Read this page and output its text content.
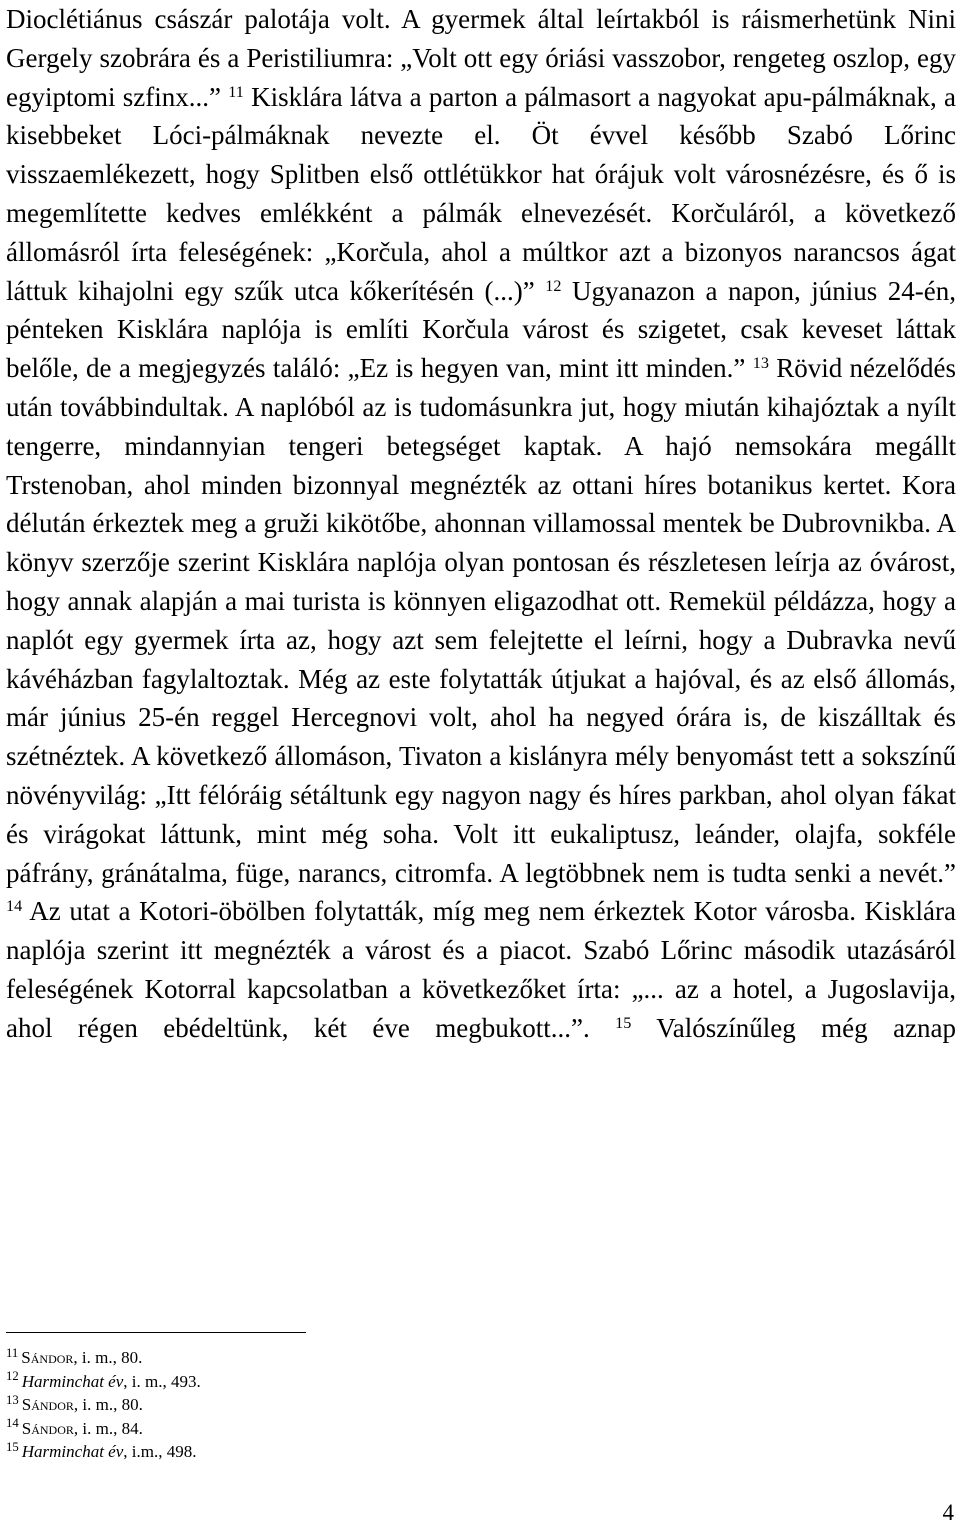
Dioclétiánus császár palotája volt. A gyermek által leírtakból is ráismerhetünk Nini Gergely szobrára és a Peristiliumra: „Volt ott egy óriási vasszobor, rengeteg oszlop, egy egyiptomi szfinx...” $^{11}$ Kisklára látva a parton a pálmasort a nagyokat apu-pálmáknak, a kisebbeket Lóci-pálmáknak nevezte el. Öt évvel később Szabó Lőrinc visszaemlékezett, hogy Splitben első ottlétükkor hat órájuk volt városnézésre, és ő is megemlítette kedves emlékként a pálmák elnevezését. Korčuláról, a következő állomásról írta feleségének: „Korčula, ahol a múltkor azt a bizonyos narancsos ágat láttuk kihajolni egy szűk utca kőkerítésén (...)” $^{12}$ Ugyanazon a napon, június 24-én, pénteken Kisklára naplója is említi Korčula várost és szigetet, csak keveset láttak belőle, de a megjegyzés találó: „Ez is hegyen van, mint itt minden.” $^{13}$ Rövid nézelődés után továbbindultak. A naplóból az is tudomásunkra jut, hogy miután kihajóztak a nyílt tengerre, mindannyian tengeri betegséget kaptak. A hajó nemsokára megállt Trstenoban, ahol minden bizonnyal megnézték az ottani híres botanikus kertet. Kora délután érkeztek meg a gruži kikötőbe, ahonnan villamossal mentek be Dubrovnikba. A könyv szerzője szerint Kisklára naplója olyan pontosan és részletesen leírja az óvárost, hogy annak alapján a mai turista is könnyen eligazodhat ott. Remekül példázza, hogy a naplót egy gyermek írta az, hogy azt sem felejtette el leírni, hogy a Dubravka nevű kávéházban fagylaltoztak. Még az este folytatták útjukat a hajóval, és az első állomás, már június 25-én reggel Hercegnovi volt, ahol ha negyed órára is, de kiszálltak és szétnéztek. A következő állomáson, Tivaton a kislányra mély benyomást tett a sokszínű növényvilág: „Itt félóráig sétáltunk egy nagyon nagy és híres parkban, ahol olyan fákat és virágokat láttunk, mint még soha. Volt itt eukaliptusz, leánder, olajfa, sokféle páfrány, gránátalma, füge, narancs, citromfa. A legtöbbnek nem is tudta senki a nevét.” $^{14}$ Az utat a Kotori-öbölben folytatták, míg meg nem érkeztek Kotor városba. Kisklára naplója szerint itt megnézték a várost és a piacot. Szabó Lőrinc második utazásáról feleségének Kotorral kapcsolatban a következőket írta: „... az a hotel, a Jugoslavija, ahol régen ebédeltünk, két éve megbukott...”. $^{15}$ Valószínűleg még aznap

$^{11}$ Sándor, i. m., 80.

$^{12}$ Harminchat év, i. m., 493.

$^{13}$ Sándor, i. m., 80.

$^{14}$ Sándor, i. m., 84.

$^{15}$ Harminchat év, i.m., 498.

4
